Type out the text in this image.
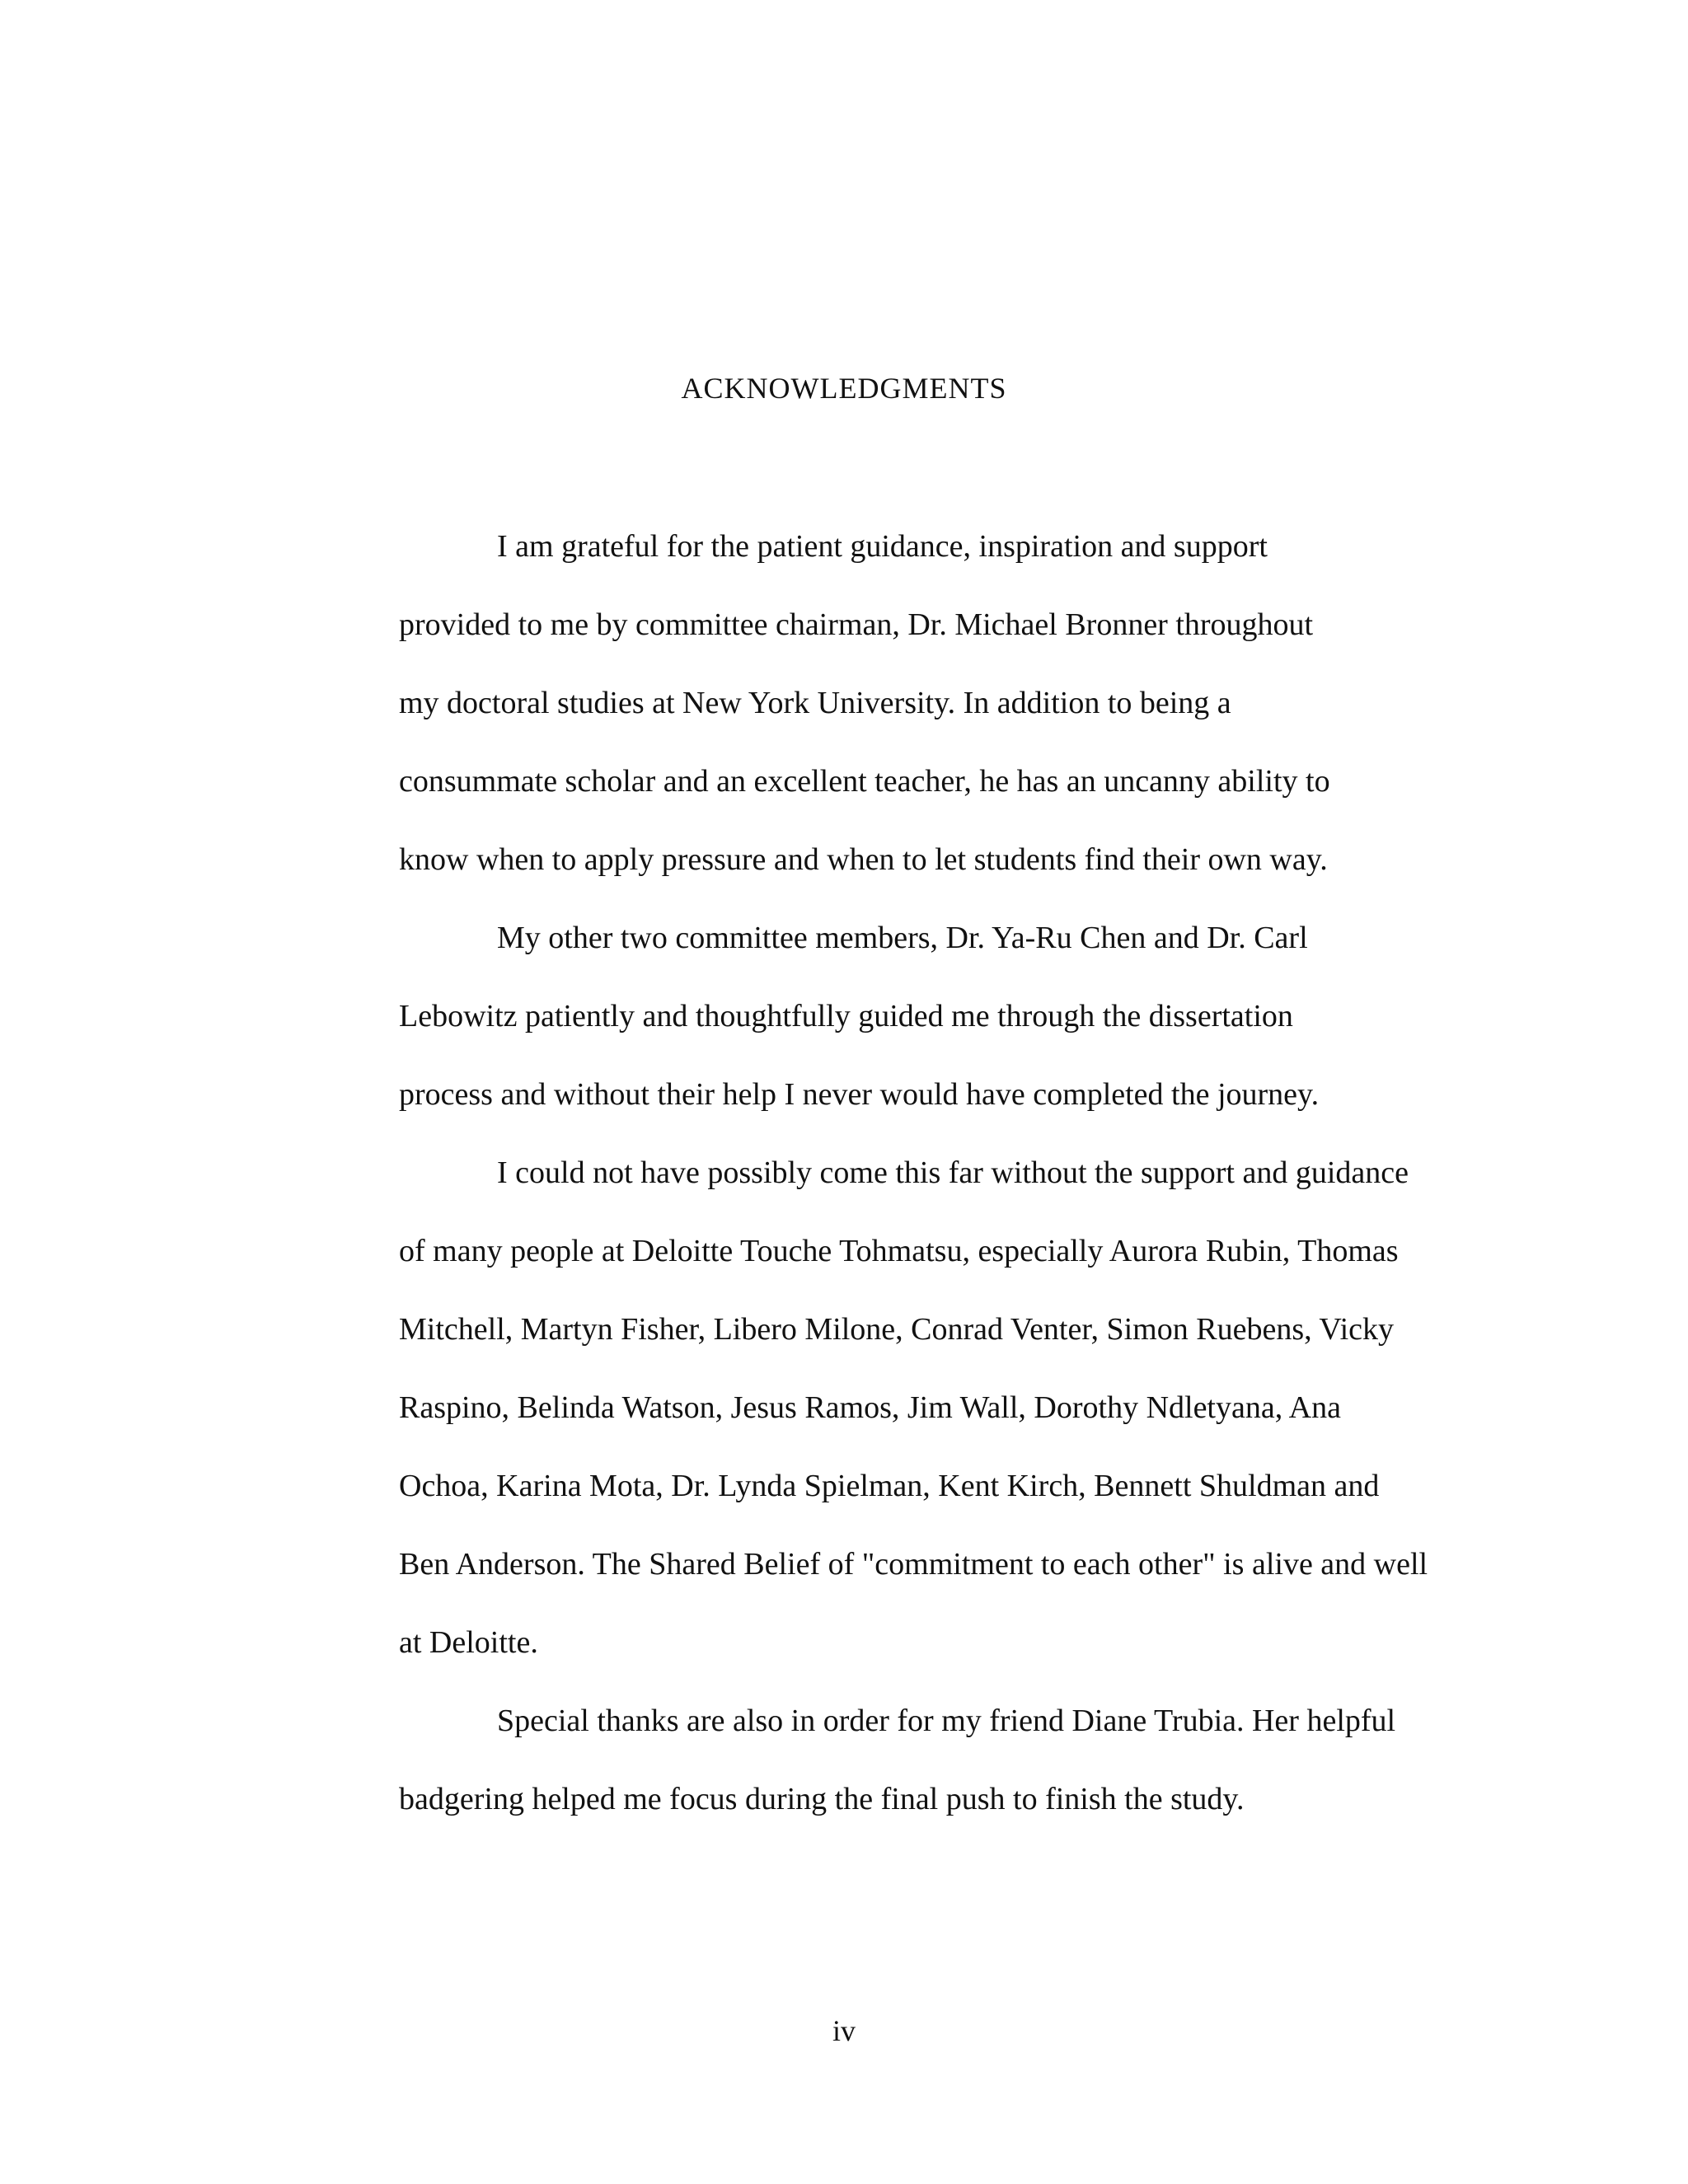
ACKNOWLEDGMENTS
I am grateful for the patient guidance, inspiration and support
provided to me by committee chairman, Dr. Michael Bronner throughout
my doctoral studies at New York University. In addition to being a
consummate scholar and an excellent teacher, he has an uncanny ability to
know when to apply pressure and when to let students find their own way.
My other two committee members, Dr. Ya-Ru Chen and Dr. Carl
Lebowitz patiently and thoughtfully guided me through the dissertation
process and without their help I never would have completed the journey.
I could not have possibly come this far without the support and guidance
of many people at Deloitte Touche Tohmatsu, especially Aurora Rubin, Thomas
Mitchell, Martyn Fisher, Libero Milone, Conrad Venter, Simon Ruebens, Vicky
Raspino, Belinda Watson, Jesus Ramos, Jim Wall, Dorothy Ndletyana, Ana
Ochoa, Karina Mota, Dr. Lynda Spielman, Kent Kirch, Bennett Shuldman and
Ben Anderson. The Shared Belief of "commitment to each other" is alive and well
at Deloitte.
Special thanks are also in order for my friend Diane Trubia. Her helpful
badgering helped me focus during the final push to finish the study.
iv
